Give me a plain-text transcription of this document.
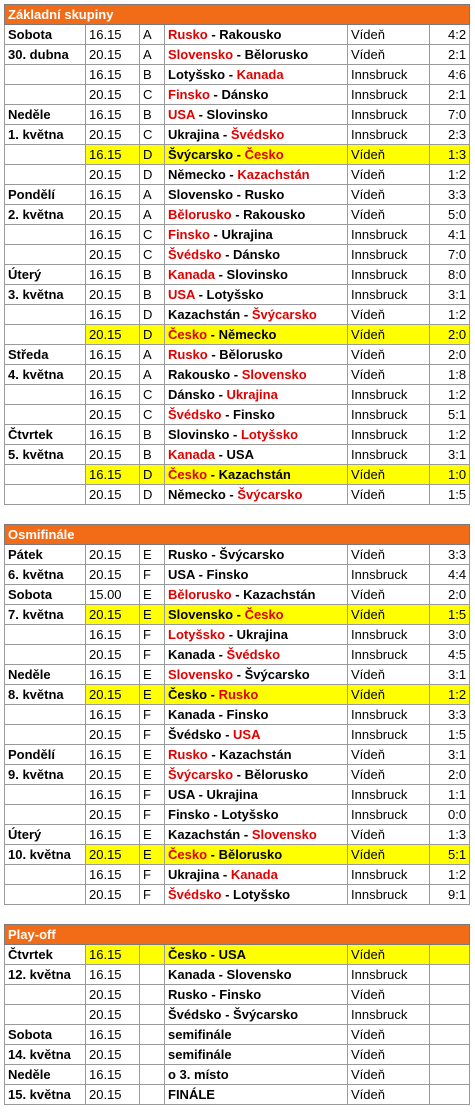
Základní skupiny					
Sobota	16.15	A	Rusko - Rakousko	Vídeň	4:2
30. dubna	20.15	A	Slovensko - Bělorusko	Vídeň	2:1
	16.15	B	Lotyšsko - Kanada	Innsbruck	4:6
	20.15	C	Finsko - Dánsko	Innsbruck	2:1
Neděle	16.15	B	USA - Slovinsko	Innsbruck	7:0
1. května	20.15	C	Ukrajina - Švédsko	Innsbruck	2:3
	16.15	D	Švýcarsko - Česko	Vídeň	1:3
	20.15	D	Německo - Kazachstán	Vídeň	1:2
Pondělí	16.15	A	Slovensko - Rusko	Vídeň	3:3
2. května	20.15	A	Bělorusko - Rakousko	Vídeň	5:0
	16.15	C	Finsko - Ukrajina	Innsbruck	4:1
	20.15	C	Švédsko - Dánsko	Innsbruck	7:0
Úterý	16.15	B	Kanada - Slovinsko	Innsbruck	8:0
3. května	20.15	B	USA - Lotyšsko	Innsbruck	3:1
	16.15	D	Kazachstán - Švýcarsko	Vídeň	1:2
	20.15	D	Česko - Německo	Vídeň	2:0
Středa	16.15	A	Rusko - Bělorusko	Vídeň	2:0
4. května	20.15	A	Rakousko - Slovensko	Vídeň	1:8
	16.15	C	Dánsko - Ukrajina	Innsbruck	1:2
	20.15	C	Švédsko - Finsko	Innsbruck	5:1
Čtvrtek	16.15	B	Slovinsko - Lotyšsko	Innsbruck	1:2
5. května	20.15	B	Kanada - USA	Innsbruck	3:1
	16.15	D	Česko - Kazachstán	Vídeň	1:0
	20.15	D	Německo - Švýcarsko	Vídeň	1:5
Osmifinále					
Pátek	20.15	E	Rusko - Švýcarsko	Vídeň	3:3
6. května	20.15	F	USA - Finsko	Innsbruck	4:4
Sobota	15.00	E	Bělorusko - Kazachstán	Vídeň	2:0
7. května	20.15	E	Slovensko - Česko	Vídeň	1:5
	16.15	F	Lotyšsko - Ukrajina	Innsbruck	3:0
	20.15	F	Kanada - Švédsko	Innsbruck	4:5
Neděle	16.15	E	Slovensko - Švýcarsko	Vídeň	3:1
8. května	20.15	E	Česko - Rusko	Vídeň	1:2
	16.15	F	Kanada - Finsko	Innsbruck	3:3
	20.15	F	Švédsko - USA	Innsbruck	1:5
Pondělí	16.15	E	Rusko - Kazachstán	Vídeň	3:1
9. května	20.15	E	Švýcarsko - Bělorusko	Vídeň	2:0
	16.15	F	USA - Ukrajina	Innsbruck	1:1
	20.15	F	Finsko - Lotyšsko	Innsbruck	0:0
Úterý	16.15	E	Kazachstán - Slovensko	Vídeň	1:3
10. května	20.15	E	Česko - Bělorusko	Vídeň	5:1
	16.15	F	Ukrajina - Kanada	Innsbruck	1:2
	20.15	F	Švédsko - Lotyšsko	Innsbruck	9:1
Play-off					
Čtvrtek	16.15		Česko - USA	Vídeň	
12. května	16.15		Kanada - Slovensko	Innsbruck	
	20.15		Rusko - Finsko	Vídeň	
	20.15		Švédsko - Švýcarsko	Innsbruck	
Sobota	16.15		semifinále	Vídeň	
14. května	20.15		semifinále	Vídeň	
Neděle	16.15		o 3. místo	Vídeň	
15. května	20.15		FINÁLE	Vídeň	
